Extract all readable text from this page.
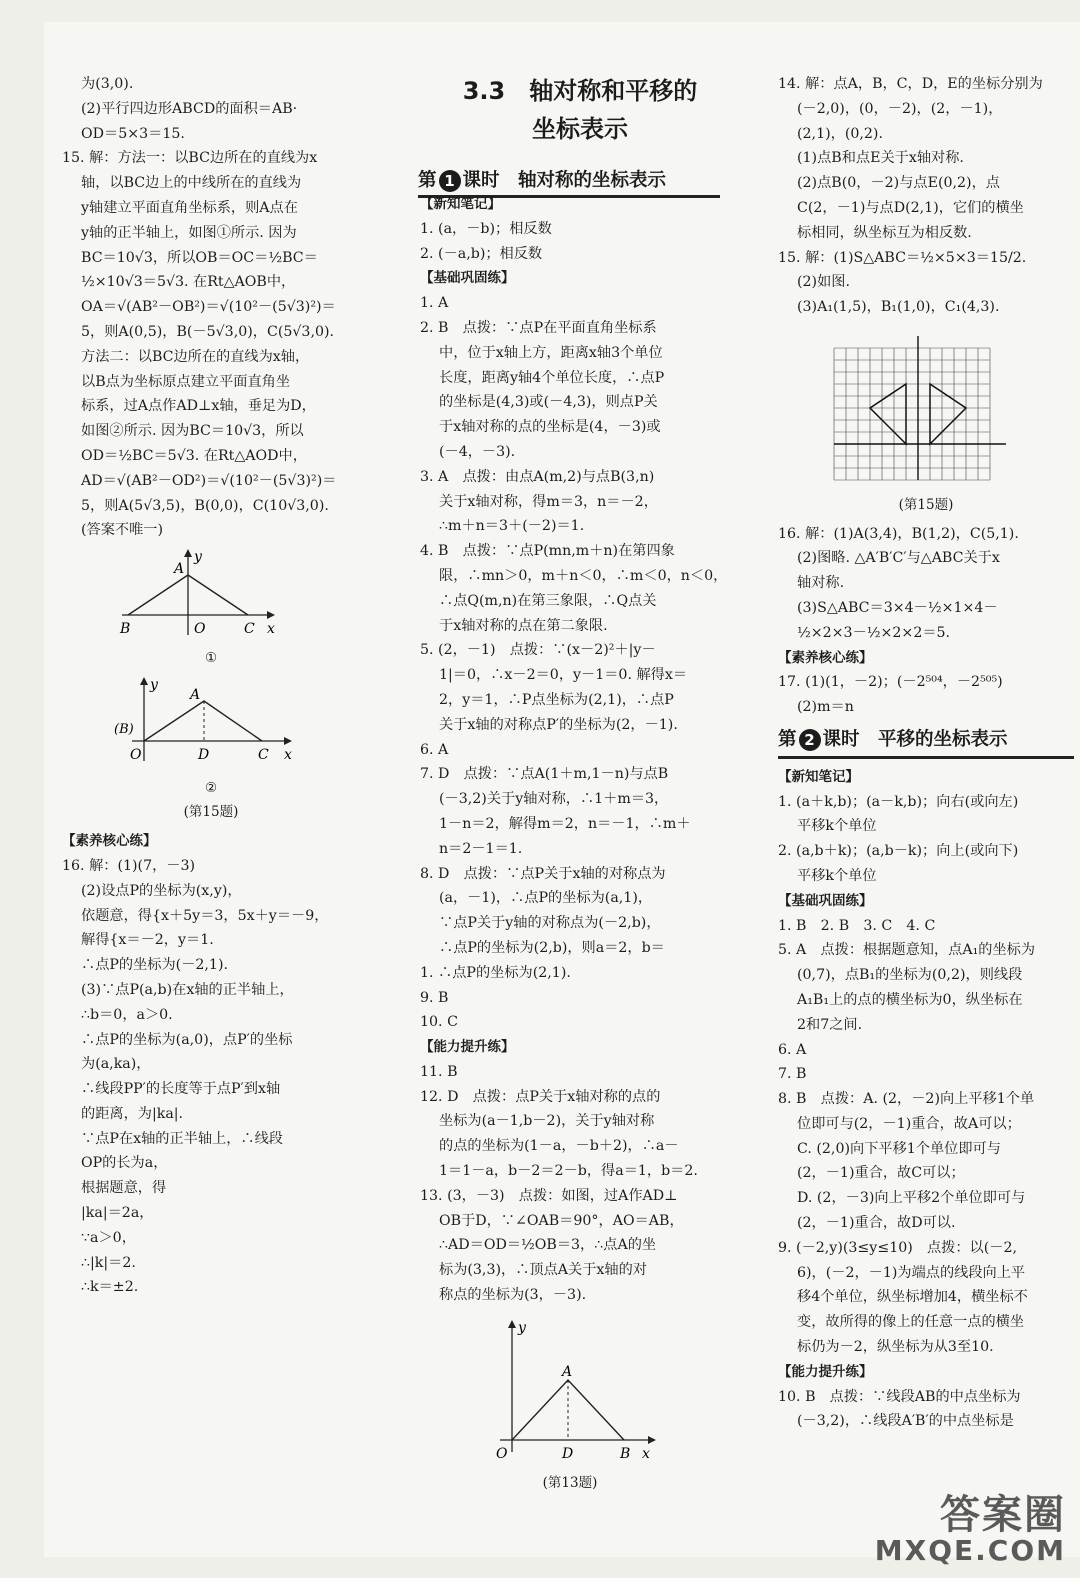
3.3　轴对称和平移的
坐标表示
第 1 课时　轴对称的坐标表示
为(3,0).
(2)平行四边形ABCD的面积＝AB·
OD＝5×3＝15.
15. 解：方法一：以BC边所在的直线为x
轴，以BC边上的中线所在的直线为
y轴建立平面直角坐标系，则A点在
y轴的正半轴上，如图①所示. 因为
BC＝10√3，所以OB＝OC＝½BC＝
½×10√3＝5√3. 在Rt△AOB中，
OA＝√(AB²－OB²)＝√(10²－(5√3)²)＝
5，则A(0,5)，B(－5√3,0)，C(5√3,0).
方法二：以BC边所在的直线为x轴，
以B点为坐标原点建立平面直角坐
标系，过A点作AD⊥x轴，垂足为D，
如图②所示. 因为BC＝10√3，所以
OD＝½BC＝5√3. 在Rt△AOD中，
AD＝√(AB²－OD²)＝√(10²－(5√3)²)＝
5，则A(5√3,5)，B(0,0)，C(10√3,0).
(答案不唯一)
A
y
B	O	C x
①
A
y
(B)
O	D	C x
②
(第15题)
【素养核心练】
16. 解：(1)(7，－3)
(2)设点P的坐标为(x,y)，
依题意，得{x＋5y＝3，5x＋y＝－9，
解得{x＝－2，y＝1.
∴点P的坐标为(－2,1).
(3)∵点P(a,b)在x轴的正半轴上，
∴b＝0，a＞0.
∴点P的坐标为(a,0)，点P′的坐标
为(a,ka)，
∴线段PP′的长度等于点P′到x轴
的距离，为|ka|.
∵点P在x轴的正半轴上，∴线段
OP的长为a，
根据题意，得
|ka|＝2a，
∵a＞0，
∴|k|＝2.
∴k＝±2.
【新知笔记】
1. (a，－b)；相反数
2. (－a,b)；相反数
【基础巩固练】
1. A
2. B　点拨：∵点P在平面直角坐标系
中，位于x轴上方，距离x轴3个单位
长度，距离y轴4个单位长度，∴点P
的坐标是(4,3)或(－4,3)，则点P关
于x轴对称的点的坐标是(4，－3)或
(－4，－3).
3. A　点拨：由点A(m,2)与点B(3,n)
关于x轴对称，得m＝3，n＝－2，
∴m＋n＝3＋(－2)＝1.
4. B　点拨：∵点P(mn,m＋n)在第四象
限，∴mn＞0，m＋n＜0，∴m＜0，n＜0，
∴点Q(m,n)在第三象限，∴Q点关
于x轴对称的点在第二象限.
5. (2，－1)　点拨：∵(x－2)²＋|y－
1|＝0，∴x－2＝0，y－1＝0. 解得x＝
2，y＝1，∴P点坐标为(2,1)，∴点P
关于x轴的对称点P′的坐标为(2，－1).
6. A
7. D　点拨：∵点A(1＋m,1－n)与点B
(－3,2)关于y轴对称，∴1＋m＝3，
1－n＝2，解得m＝2，n＝－1，∴m＋
n＝2－1＝1.
8. D　点拨：∵点P关于x轴的对称点为
(a，－1)，∴点P的坐标为(a,1)，
∵点P关于y轴的对称点为(－2,b)，
∴点P的坐标为(2,b)，则a＝2，b＝
1. ∴点P的坐标为(2,1).
9. B
10. C
【能力提升练】
11. B
12. D　点拨：点P关于x轴对称的点的
坐标为(a－1,b－2)，关于y轴对称
的点的坐标为(1－a，－b＋2)，∴a－
1＝1－a，b－2＝2－b，得a＝1，b＝2.
13. (3，－3)　点拨：如图，过A作AD⊥
OB于D，∵∠OAB＝90°，AO＝AB，
∴AD＝OD＝½OB＝3，∴点A的坐
标为(3,3)，∴顶点A关于x轴的对
称点的坐标为(3，－3).
y
A
O	D	B x
(第13题)
14. 解：点A，B，C，D，E的坐标分别为
(－2,0)，(0，－2)，(2，－1)，
(2,1)，(0,2).
(1)点B和点E关于x轴对称.
(2)点B(0，－2)与点E(0,2)，点
C(2，－1)与点D(2,1)，它们的横坐
标相同，纵坐标互为相反数.
15. 解：(1)S△ABC＝½×5×3＝15/2.
(2)如图.
(3)A₁(1,5)，B₁(1,0)，C₁(4,3).
(第15题)
16. 解：(1)A(3,4)，B(1,2)，C(5,1).
(2)图略. △A′B′C′与△ABC关于x
轴对称.
(3)S△ABC＝3×4－½×1×4－
½×2×3－½×2×2＝5.
【素养核心练】
17. (1)(1，－2)；(－2⁵⁰⁴，－2⁵⁰⁵)
(2)m＝n
第 2 课时　平移的坐标表示
【新知笔记】
1. (a＋k,b)；(a－k,b)；向右(或向左)
平移k个单位
2. (a,b＋k)；(a,b－k)；向上(或向下)
平移k个单位
【基础巩固练】
1. B　2. B　3. C　4. C
5. A　点拨：根据题意知，点A₁的坐标为
(0,7)，点B₁的坐标为(0,2)，则线段
A₁B₁上的点的横坐标为0，纵坐标在
2和7之间.
6. A
7. B
8. B　点拨：A. (2，－2)向上平移1个单
位即可与(2，－1)重合，故A可以；
C. (2,0)向下平移1个单位即可与
(2，－1)重合，故C可以；
D. (2，－3)向上平移2个单位即可与
(2，－1)重合，故D可以.
9. (－2,y)(3≤y≤10)　点拨：以(－2,
6)，(－2，－1)为端点的线段向上平
移4个单位，纵坐标增加4，横坐标不
变，故所得的像上的任意一点的横坐
标仍为－2，纵坐标为从3至10.
【能力提升练】
10. B　点拨：∵线段AB的中点坐标为
(－3,2)，∴线段A′B′的中点坐标是
答案圈
MXQE.COM
